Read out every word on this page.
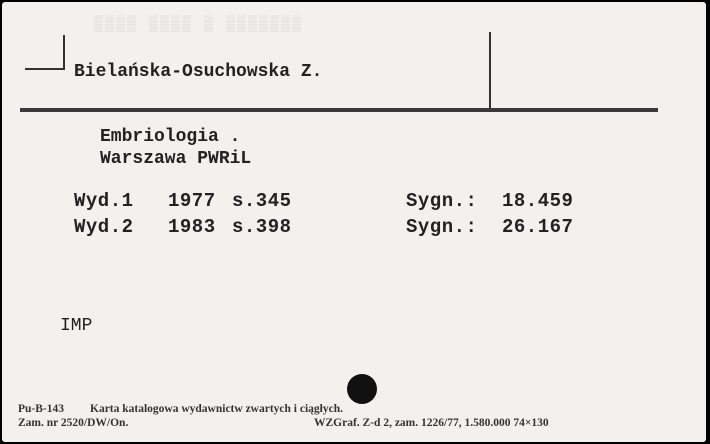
▒▒▒▒ ▒▒▒▒ ▒ ▒▒▒▒▒▒▒
Bielańska-Osuchowska Z.
Embriologia .
Warszawa PWRiL
Wyd.1 1977 s.345	Sygn.: 18.459
Wyd.2 1983 s.398	Sygn.: 26.167
IMP
Pu-B-143 Karta katalogowa wydawnictw zwartych i ciągłych.
Zam. nr 2520/DW/On.	WZGraf. Z-d 2, zam. 1226/77, 1.580.000 74×130
